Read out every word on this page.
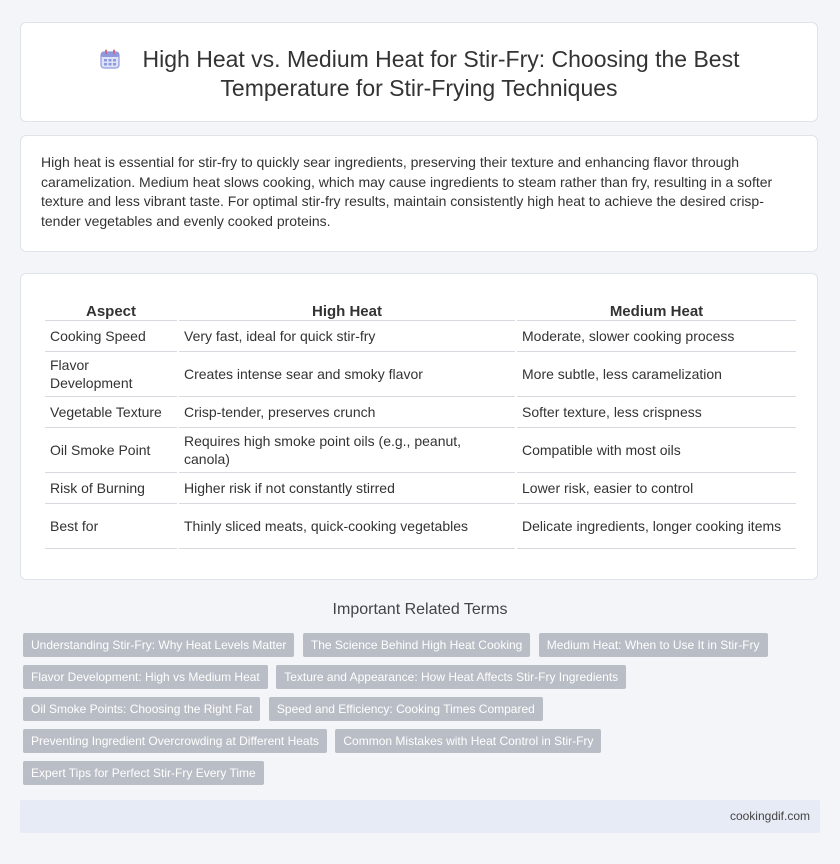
High Heat vs. Medium Heat for Stir-Fry: Choosing the Best Temperature for Stir-Frying Techniques

High heat is essential for stir-fry to quickly sear ingredients, preserving their texture and enhancing flavor through caramelization. Medium heat slows cooking, which may cause ingredients to steam rather than fry, resulting in a softer texture and less vibrant taste. For optimal stir-fry results, maintain consistently high heat to achieve the desired crisp-tender vegetables and evenly cooked proteins.

Aspect	High Heat	Medium Heat
Cooking Speed	Very fast, ideal for quick stir-fry	Moderate, slower cooking process
Flavor Development	Creates intense sear and smoky flavor	More subtle, less caramelization
Vegetable Texture	Crisp-tender, preserves crunch	Softer texture, less crispness
Oil Smoke Point	Requires high smoke point oils (e.g., peanut, canola)	Compatible with most oils
Risk of Burning	Higher risk if not constantly stirred	Lower risk, easier to control
Best for	Thinly sliced meats, quick-cooking vegetables	Delicate ingredients, longer cooking items
Important Related Terms
Understanding Stir-Fry: Why Heat Levels Matter The Science Behind High Heat Cooking Medium Heat: When to Use It in Stir-Fry Flavor Development: High vs Medium Heat Texture and Appearance: How Heat Affects Stir-Fry Ingredients Oil Smoke Points: Choosing the Right Fat Speed and Efficiency: Cooking Times Compared Preventing Ingredient Overcrowding at Different Heats Common Mistakes with Heat Control in Stir-Fry Expert Tips for Perfect Stir-Fry Every Time
cookingdif.com
